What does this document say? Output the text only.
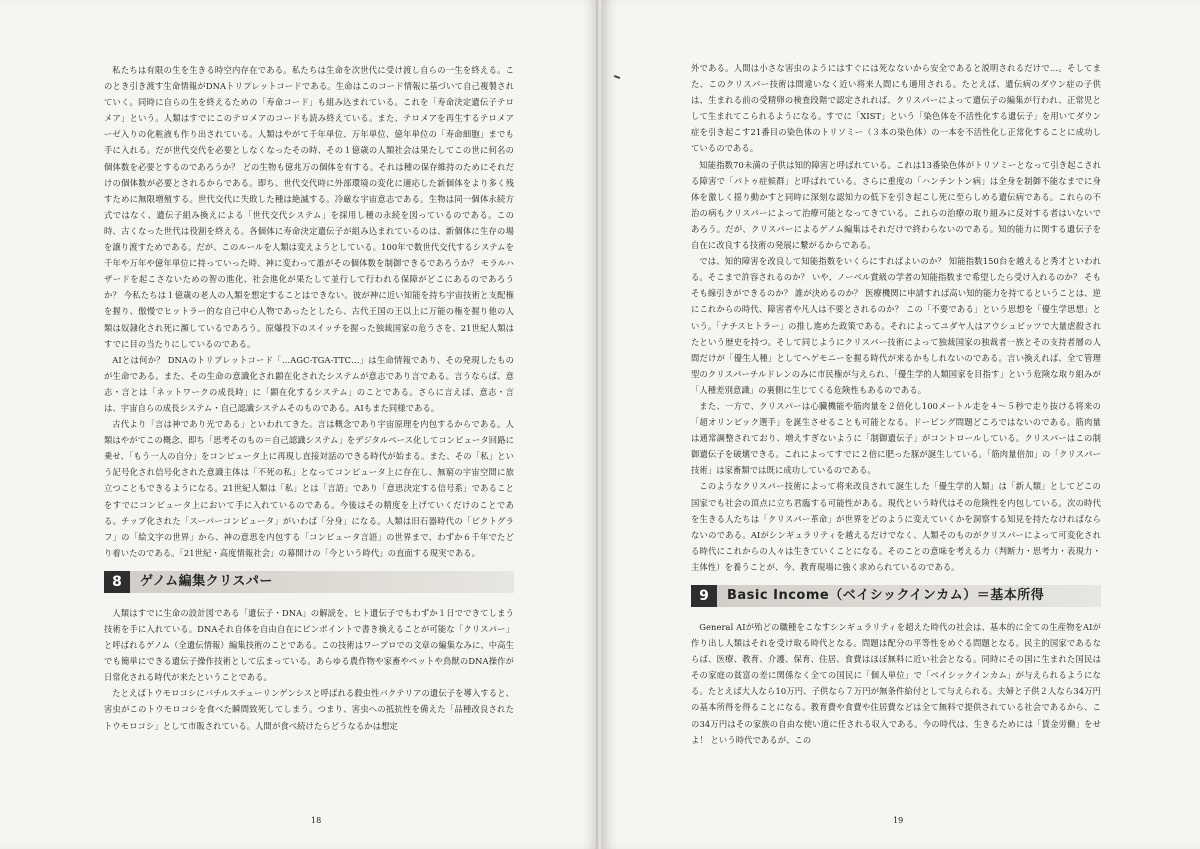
私たちは有限の生を生きる時空内存在である。私たちは生命を次世代に受け渡し自らの一生を終える。このとき引き渡す生命情報がDNAトリプレットコードである。生命はこのコード情報に基づいて自己複製されていく。同時に自らの生を終えるための「寿命コード」も組み込まれている。これを「寿命決定遺伝子テロメア」という。人類はすでにこのテロメアのコードも読み終えている。また、テロメアを再生するテロメアーゼ入りの化粧液も作り出されている。人類はやがて千年単位、万年単位、億年単位の「寿命細胞」までも手に入れる。だが世代交代を必要としなくなったその時、その１億歳の人類社会は果たしてこの世に何名の個体数を必要とするのであろうか？ どの生物も億兆万の個体を有する。それは種の保存維持のためにそれだけの個体数が必要とされるからである。即ち、世代交代時に外部環境の変化に適応した新個体をより多く残すために無限増殖する。世代交代に失敗した種は絶滅する。冷厳な宇宙意志である。生物は同一個体永続方式ではなく、遺伝子組み換えによる「世代交代システム」を採用し種の永続を図っているのである。この時、古くなった世代は役割を終える。各個体に寿命決定遺伝子が組み込まれているのは、新個体に生存の場を譲り渡すためである。だが、このルールを人類は変えようとしている。100年で数世代交代するシステムを千年や万年や億年単位に持っていった時、神に変わって誰がその個体数を制御できるであろうか？ モラルハザードを起こさないための智の進化、社会進化が果たして並行して行われる保障がどこにあるのであろうか？ 今私たちは１億歳の老人の人類を想定することはできない。彼が神に近い知能を持ち宇宙技術と支配権を握り、傲慢でヒットラー的な自己中心人物であったとしたら、古代王国の王以上に万能の権を握り他の人類は奴隷化され死に瀕しているであろう。原爆投下のスイッチを握った独裁国家の危うさを、21世紀人類はすでに目の当たりにしているのである。

AIとは何か？ DNAのトリプレットコード「…AGC-TGA-TTC…」は生命情報であり、その発現したものが生命である。また、その生命の意識化され顕在化されたシステムが意志であり言である。言うならば、意志・言とは「ネットワークの成長時」に「顕在化するシステム」のことである。さらに言えば、意志・言は、宇宙自らの成長システム・自己認識システムそのものである。AIもまた同様である。

古代より「言は神であり光である」といわれてきた。言は概念であり宇宙原理を内包するからである。人類はやがてこの概念、即ち「思考そのもの＝自己認識システム」をデジタルベース化してコンピュータ回路に乗せ、「もう一人の自分」をコンピュータ上に再現し直接対話のできる時代が始まる。また、その「私」という記号化され信号化された意識主体は「不死の私」となってコンピュータ上に存在し、無窮の宇宙空間に旅立つこともできるようになる。21世紀人類は「私」とは「言語」であり「意思決定する信号系」であることをすでにコンピュータ上において手に入れているのである。今後はその精度を上げていくだけのことである。チップ化された「スーパーコンピュータ」がいわば「分身」になる。人類は旧石器時代の「ピクトグラフ」の「絵文字の世界」から、神の意思を内包する「コンピュータ言語」の世界まで、わずか６千年でたどり着いたのである。「21世紀・高度情報社会」の幕開けの「今という時代」の直面する現実である。

8	ゲノム編集クリスパー

人類はすでに生命の設計図である「遺伝子・DNA」の解読を、ヒト遺伝子でもわずか１日でできてしまう技術を手に入れている。DNAそれ自体を自由自在にピンポイントで書き換えることが可能な「クリスパー」と呼ばれるゲノム（全遺伝情報）編集技術のことである。この技術はワープロでの文章の編集なみに、中高生でも簡単にできる遺伝子操作技術として広まっている。あらゆる農作物や家畜やペットや鳥獣のDNA操作が日常化される時代が来たということである。

たとえばトウモロコシにバチルスチューリンゲンシスと呼ばれる殺虫性バクテリアの遺伝子を導入すると、害虫がこのトウモロコシを食べた瞬間致死してしまう。つまり、害虫への抵抗性を備えた「品種改良されたトウモロコシ」として市販されている。人間が食べ続けたらどうなるかは想定

18

外である。人間は小さな害虫のようにはすぐには死なないから安全であると説明されるだけで…。そしてまた、このクリスパー技術は間違いなく近い将来人間にも適用される。たとえば、遺伝病のダウン症の子供は、生まれる前の受精卵の検査段階で認定されれば、クリスパーによって遺伝子の編集が行われ、正常児として生まれてこられるようになる。すでに「XIST」という「染色体を不活性化する遺伝子」を用いてダウン症を引き起こす21番目の染色体のトリソミー（３本の染色体）の一本を不活性化し正常化することに成功しているのである。

知能指数70未満の子供は知的障害と呼ばれている。これは13番染色体がトリソミーとなって引き起こされる障害で「パトゥ症候群」と呼ばれている。さらに重度の「ハンチントン病」は全身を制御不能なまでに身体を激しく揺り動かすと同時に深刻な認知力の低下を引き起こし死に至らしめる遺伝病である。これらの不治の病もクリスパーによって治療可能となってきている。これらの治療の取り組みに反対する者はいないであろう。だが、クリスパーによるゲノム編集はそれだけで終わらないのである。知的能力に関する遺伝子を自在に改良する技術の発展に繋がるからである。

では、知的障害を改良して知能指数をいくらにすればよいのか？ 知能指数150台を越えると秀才といわれる。そこまで許容されるのか？ いや、ノーベル賞級の学者の知能指数まで希望したら受け入れるのか？ そもそも線引きができるのか？ 誰が決めるのか？ 医療機関に申請すれば高い知的能力を持てるということは、逆にこれからの時代、障害者や凡人は不要とされるのか？ この「不要である」という思想を「優生学思想」という。「ナチスヒトラー」の推し進めた政策である。それによってユダヤ人はアウシュビッツで大量虐殺されたという歴史を持つ。そして同じようにクリスパー技術によって独裁国家の独裁者一族とその支持者層の人間だけが「優生人種」としてへゲモニーを握る時代が来るかもしれないのである。言い換えれば、全て管理型のクリスパーチルドレンのみに市民権が与えられ、「優生学的人類国家を目指す」という危険な取り組みが「人種差別意識」の裏側に生じてくる危険性もあるのである。

また、一方で、クリスパーは心臓機能や筋肉量を２倍化し100メートル走を４～５秒で走り抜ける将来の「超オリンピック選手」を誕生させることも可能となる。ドーピング問題どころではないのである。筋肉量は通常調整されており、増えすぎないように「制御遺伝子」がコントロールしている。クリスパーはこの制御遺伝子を破壊できる。これによってすでに２倍に肥った豚が誕生している。「筋肉量倍加」の「クリスパー技術」は家畜類では既に成功しているのである。

このようなクリスパー技術によって将来改良されて誕生した「優生学的人類」は「新人類」としてどこの国家でも社会の頂点に立ち君臨する可能性がある。現代という時代はその危険性を内包している。次の時代を生きる人たちは「クリスパー革命」が世界をどのように変えていくかを洞察する知見を持たなければならないのである。AIがシンギュラリティを越えるだけでなく、人類そのものがクリスパーによって可変化される時代にこれからの人々は生きていくことになる。そのことの意味を考える力（判断力・思考力・表現力・主体性）を養うことが、今、教育現場に強く求められているのである。

9	Basic Income（ベイシックインカム）＝基本所得

General AIが殆どの職種をこなすシンギュラリティを超えた時代の社会は、基本的に全ての生産物をAIが作り出し人類はそれを受け取る時代となる。問題は配分の平等性をめぐる問題となる。民主的国家であるならば、医療、教育、介護、保育、住居、食費はほぼ無料に近い社会となる。同時にその国に生まれた国民はその家庭の貧富の差に関係なく全ての国民に「個人単位」で「ベイシックインカム」が与えられるようになる。たとえば大人なら10万円、子供なら７万円が無条件給付として与えられる。夫婦と子供２人なら34万円の基本所得を得ることになる。教育費や食費や住居費などは全て無料で提供されている社会であるから、この34万円はその家族の自由な使い道に任される収入である。今の時代は、生きるためには「賃金労働」をせよ！ という時代であるが、この

19
